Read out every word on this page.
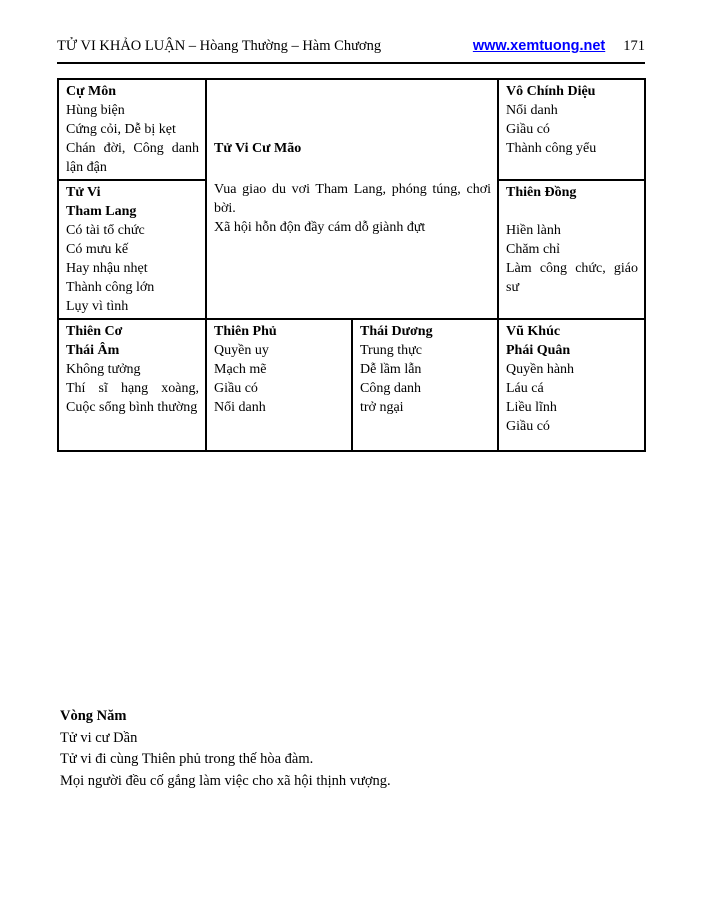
TỬ VI KHẢO LUẬN – Hòang Thường – Hàm Chương	www.xemtuong.net 171
Cự Môn
Hùng biện
Cứng cỏi, Dễ bị kẹt
Chán đời, Công danh lận đận

Tử Vi Cư Mão
Vua giao du vơi Tham Lang, phóng túng, chơi bời.
Xã hội hỗn độn đầy cám dỗ giành đựt

Vô Chính Diệu
Nổi danh
Giầu có
Thành công yểu

Tử Vi
Tham Lang
Có tài tổ chức
Có mưu kế
Hay nhậu nhẹt
Thành công lớn
Lụy vì tình

Thiên Đồng
Hiền lành
Chăm chỉ
Làm công chức, giáo sư

Thiên Cơ
Thái Âm
Không tưởng
Thí sĩ hạng xoàng, Cuộc sổng bình thường

Thiên Phủ
Quyền uy
Mạch mẽ
Giầu có
Nổi danh

Thái Dương
Trung thực
Dễ lầm lẫn
Công danh
trở ngại

Vũ Khúc
Phái Quân
Quyền hành
Láu cá
Liều lĩnh
Giầu có
Vòng Năm
Tử vi cư Dần
Tử vi đi cùng Thiên phủ trong thế hòa đàm.
Mọi người đều cố gắng làm việc cho xã hội thịnh vượng.
